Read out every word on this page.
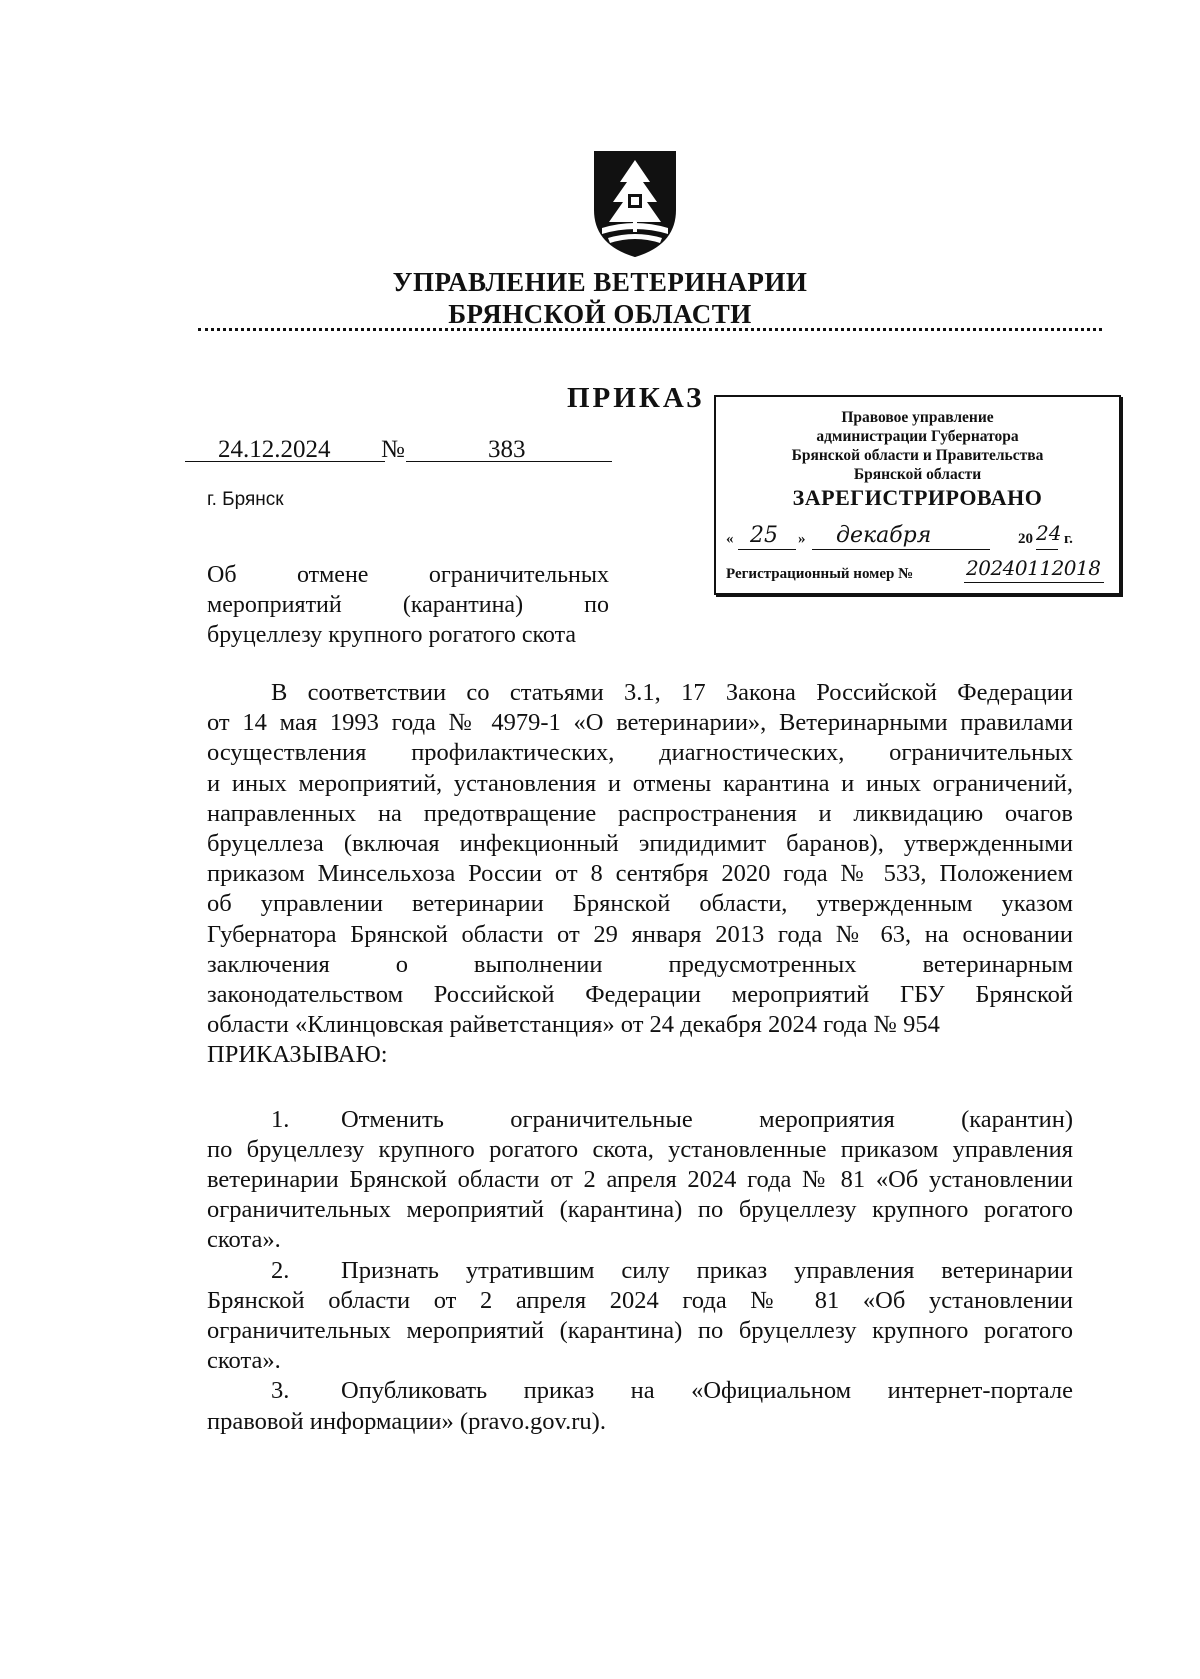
УПРАВЛЕНИЕ ВЕТЕРИНАРИИ
БРЯНСКОЙ ОБЛАСТИ
ПРИКАЗ
24.12.2024 №	383
г. Брянск
Об отмене ограничительных
мероприятий (карантина) по
бруцеллезу крупного рогатого скота
Правовое управление
администрации Губернатора
Брянской области и Правительства
Брянской области
ЗАРЕГИСТРИРОВАНО
« 25 » декабря	20 24 г.
Регистрационный номер №	20240112018
В соответствии со статьями 3.1, 17 Закона Российской Федерации
от 14 мая 1993 года № 4979-1 «О ветеринарии», Ветеринарными правилами
осуществления профилактических, диагностических, ограничительных
и иных мероприятий, установления и отмены карантина и иных ограничений,
направленных на предотвращение распространения и ликвидацию очагов
бруцеллеза (включая инфекционный эпидидимит баранов), утвержденными
приказом Минсельхоза России от 8 сентября 2020 года № 533, Положением
об управлении ветеринарии Брянской области, утвержденным указом
Губернатора Брянской области от 29 января 2013 года № 63, на основании
заключения о выполнении предусмотренных ветеринарным
законодательством Российской Федерации мероприятий ГБУ Брянской
области «Клинцовская райветстанция» от 24 декабря 2024 года № 954
ПРИКАЗЫВАЮ:
1. Отменить ограничительные мероприятия (карантин)
по бруцеллезу крупного рогатого скота, установленные приказом управления
ветеринарии Брянской области от 2 апреля 2024 года № 81 «Об установлении
ограничительных мероприятий (карантина) по бруцеллезу крупного рогатого
скота».
2. Признать утратившим силу приказ управления ветеринарии
Брянской области от 2 апреля 2024 года № 81 «Об установлении
ограничительных мероприятий (карантина) по бруцеллезу крупного рогатого
скота».
3. Опубликовать приказ на «Официальном интернет-портале
правовой информации» (pravo.gov.ru).
